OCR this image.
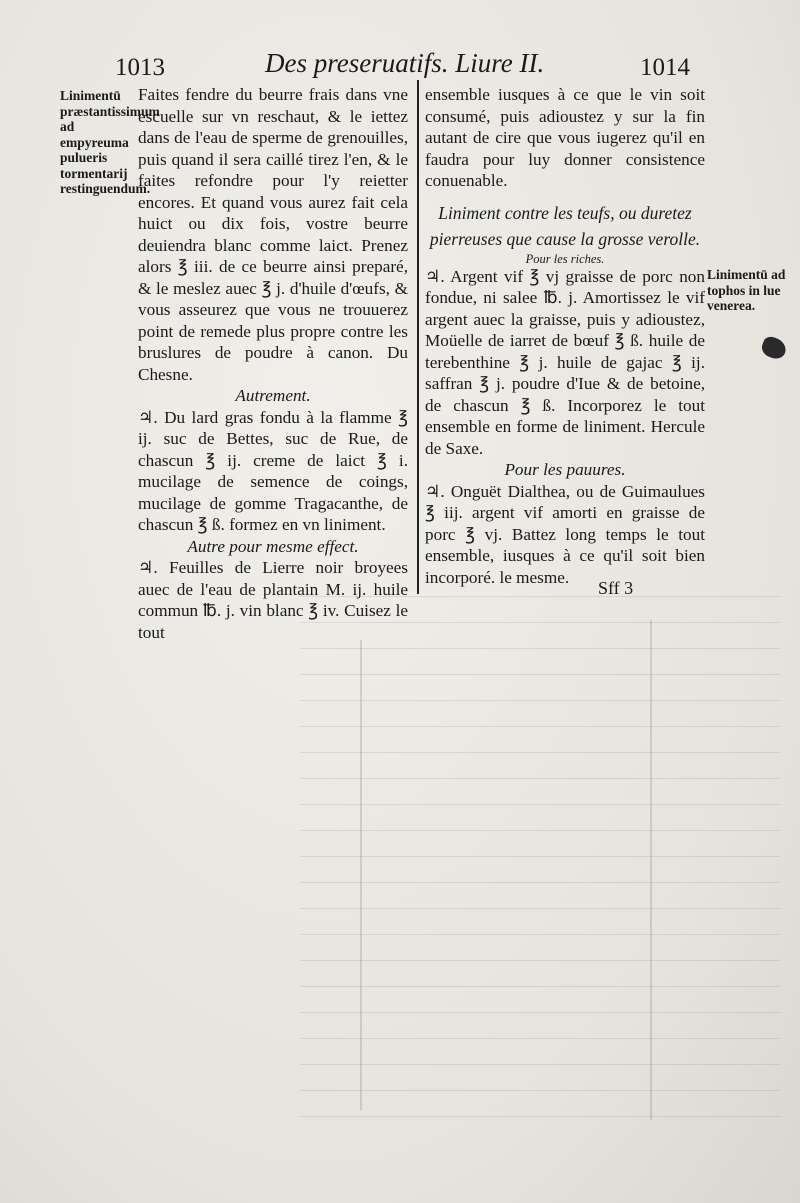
1013	Des preseruatifs. Liure II.	1014
Linimentū præstantissimum ad empyreuma pulueris tormentarij restinguendum.
Linimentū ad tophos in lue venerea.

Faites fendre du beurre frais dans vne escuelle sur vn reschaut, & le iettez dans de l'eau de sperme de grenouilles, puis quand il sera caillé tirez l'en, & le faites refondre pour l'y reietter encores. Et quand vous aurez fait cela huict ou dix fois, vostre beurre deuiendra blanc comme laict. Prenez alors ℥ iii. de ce beurre ainsi preparé, & le meslez auec ℥ j. d'huile d'œufs, & vous asseurez que vous ne trouuerez point de remede plus propre contre les bruslures de poudre à canon. Du Chesne.

Autrement.

♃. Du lard gras fondu à la flamme ℥ ij. suc de Bettes, suc de Rue, de chascun ℥ ij. creme de laict ℥ i. mucilage de semence de coings, mucilage de gomme Tragacanthe, de chascun ℥ ß. formez en vn liniment.

Autre pour mesme effect.

♃. Feuilles de Lierre noir broyees auec de l'eau de plantain M. ij. huile commun ℔. j. vin blanc ℥ iv. Cuisez le tout

ensemble iusques à ce que le vin soit consumé, puis adioustez y sur la fin autant de cire que vous iugerez qu'il en faudra pour luy donner consistence conuenable.

Liniment contre les teufs, ou duretez pierreuses que cause la grosse verolle.

Pour les riches.

♃. Argent vif ℥ vj graisse de porc non fondue, ni salee ℔. j. Amortissez le vif argent auec la graisse, puis y adioustez, Moüelle de iarret de bœuf ℥ ß. huile de terebenthine ℥ j. huile de gajac ℥ ij. saffran ℥ j. poudre d'Iue & de betoine, de chascun ℥ ß. Incorporez le tout ensemble en forme de liniment. Hercule de Saxe.

Pour les pauures.

♃. Onguët Dialthea, ou de Guimaulues ℥ iij. argent vif amorti en graisse de porc ℥ vj. Battez long temps le tout ensemble, iusques à ce qu'il soit bien incorporé. le mesme.

Sff 3
